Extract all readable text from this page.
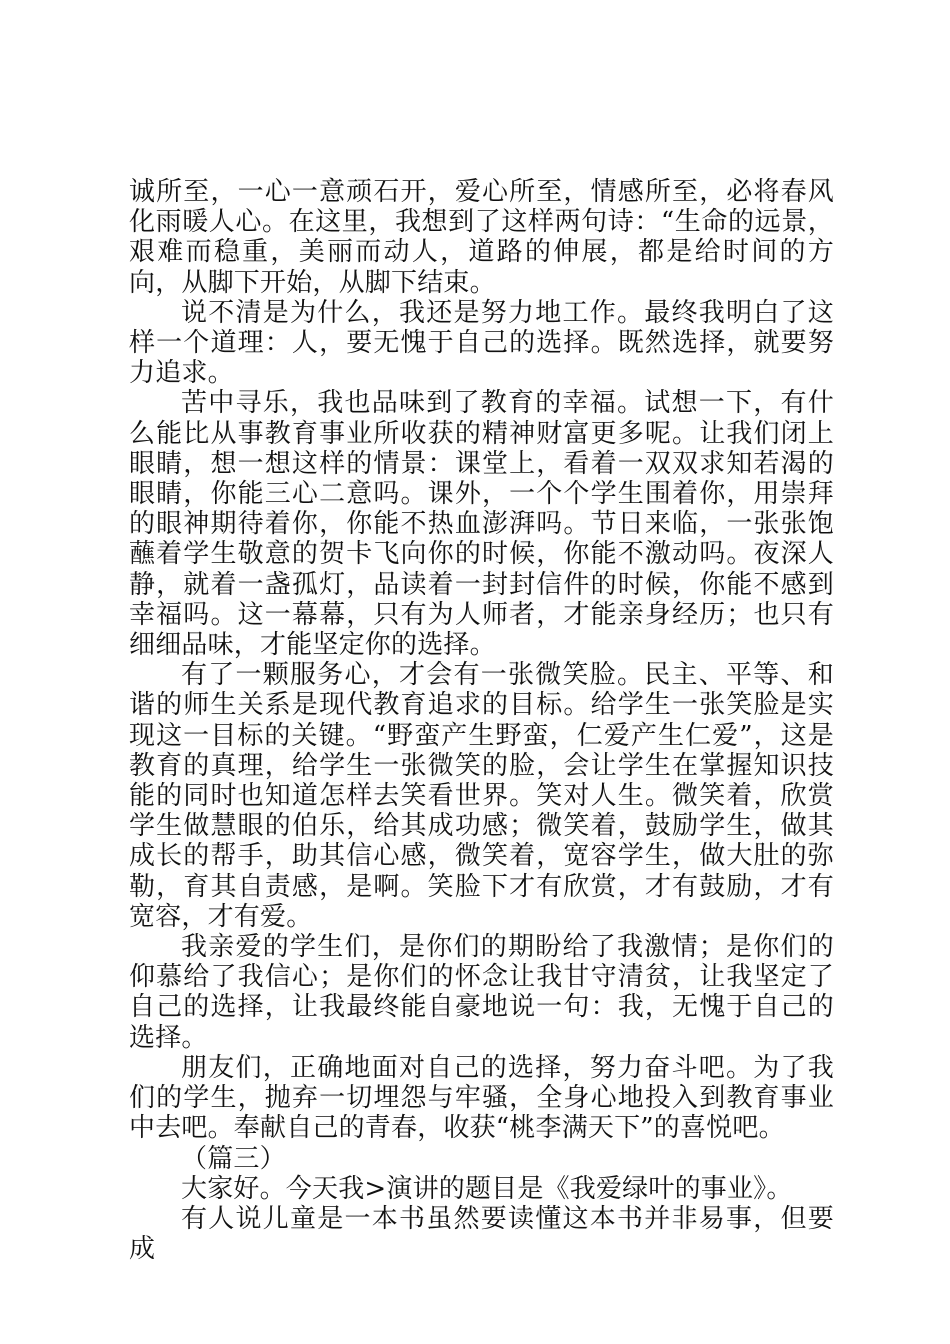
诚所至，一心一意顽石开，爱心所至，情感所至，必将春风化雨暖人心。在这里，我想到了这样两句诗：“生命的远景，艰难而稳重，美丽而动人，道路的伸展，都是给时间的方向，从脚下开始，从脚下结束。

说不清是为什么，我还是努力地工作。最终我明白了这样一个道理：人，要无愧于自己的选择。既然选择，就要努力追求。

苦中寻乐，我也品味到了教育的幸福。试想一下，有什么能比从事教育事业所收获的精神财富更多呢。让我们闭上眼睛，想一想这样的情景：课堂上，看着一双双求知若渴的眼睛，你能三心二意吗。课外，一个个学生围着你，用崇拜的眼神期待着你，你能不热血澎湃吗。节日来临，一张张饱蘸着学生敬意的贺卡飞向你的时候，你能不激动吗。夜深人静，就着一盏孤灯，品读着一封封信件的时候，你能不感到幸福吗。这一幕幕，只有为人师者，才能亲身经历；也只有细细品味，才能坚定你的选择。

有了一颗服务心，才会有一张微笑脸。民主、平等、和谐的师生关系是现代教育追求的目标。给学生一张笑脸是实现这一目标的关键。“野蛮产生野蛮，仁爱产生仁爱”，这是教育的真理，给学生一张微笑的脸，会让学生在掌握知识技能的同时也知道怎样去笑看世界。笑对人生。微笑着，欣赏学生做慧眼的伯乐，给其成功感；微笑着，鼓励学生，做其成长的帮手，助其信心感，微笑着，宽容学生，做大肚的弥勒，育其自责感，是啊。笑脸下才有欣赏，才有鼓励，才有宽容，才有爱。

我亲爱的学生们，是你们的期盼给了我激情；是你们的仰慕给了我信心；是你们的怀念让我甘守清贫，让我坚定了自己的选择，让我最终能自豪地说一句：我，无愧于自己的选择。

朋友们，正确地面对自己的选择，努力奋斗吧。为了我们的学生，抛弃一切埋怨与牢骚，全身心地投入到教育事业中去吧。奉献自己的青春，收获“桃李满天下”的喜悦吧。

（篇三）

大家好。今天我>演讲的题目是《我爱绿叶的事业》。

有人说儿童是一本书虽然要读懂这本书并非易事，但要成
